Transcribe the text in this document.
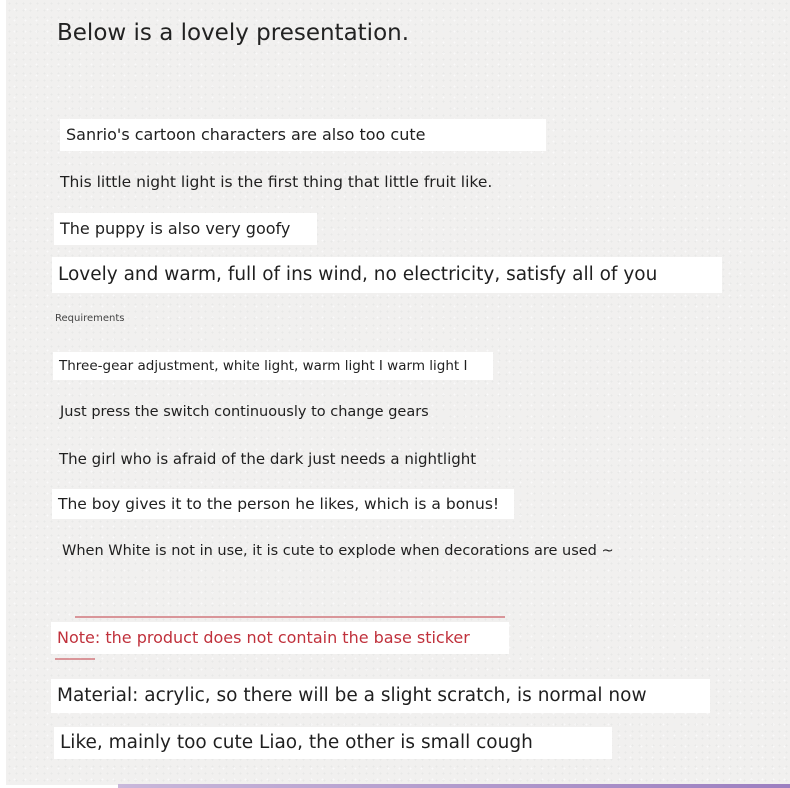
Below is a lovely presentation.
Sanrio's cartoon characters are also too cute
This little night light is the first thing that little fruit like.
The puppy is also very goofy
Lovely and warm, full of ins wind, no electricity, satisfy all of you
Requirements
Three-gear adjustment, white light, warm light I warm light I
Just press the switch continuously to change gears
The girl who is afraid of the dark just needs a nightlight
The boy gives it to the person he likes, which is a bonus!
When White is not in use, it is cute to explode when decorations are used ~
Note: the product does not contain the base sticker
Material: acrylic, so there will be a slight scratch, is normal now
Like, mainly too cute Liao, the other is small cough
